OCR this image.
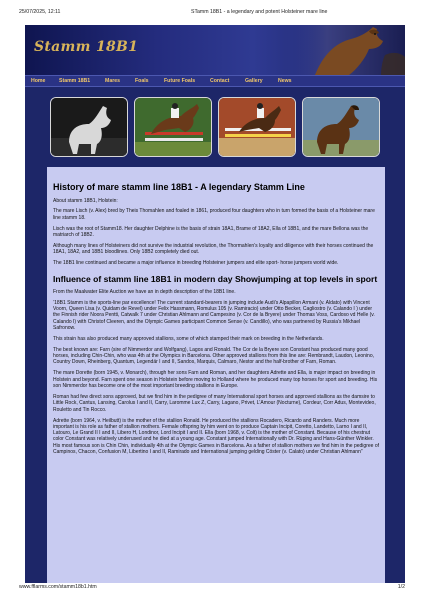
25/07/2025, 12:11	STamm 18B1 - a legendary and potent Holsteiner mare line
Stamm 18B1
Home	Stamm 18B1	Mares	Foals	Future Foals	Contact	Gallery	News
History of mare stamm line 18B1 - A legendary Stamm Line

About stamm 18B1, Holstein:

The mare Lisch (v. Alex) bred by Theis Thomahlen and foaled in 1861, produced four daughters who in turn formed the basis of a Holsteiner mare line stamm 18.

Lisch was the root of Stamm18. Her daughter Delphine is the basis of strain 18A1, Brame of 18A2, Ella of 18B1, and the mare Bellona was the matriarch of 18B2.

Although many lines of Holsteiners did not survive the industrial revolution, the Thormahlen’s loyalty and diligence with their horses continued the 18A1, 18A2, and 18B1 bloodlines. Only 18B2 completely died out.

The 18B1 line continued and became a major influence in breeding Holsteiner jumpers and elite sport- horse jumpers world wide.

Influence of stamm line 18B1 in modern day Showjumping at top levels in sport

From the Maalwater Elite Auction we have an in depth description of the 18B1 line.

‘18B1 Stamm is the sports-line par excellence! The current standard-bearers in jumping include Audi’s Alpapillon Armani (v. Aldato) with Vincent Voorn, Queen Lisa (v. Quidam de Revel) under Felix Hassmann, Romulus 105 (v. Ramiracio) under Otto Becker, Cagliostro (v. Calando I ) under the Finnish rider Noora Pentti, Catwalk 7 under Christian Ahlmann and Campesino (v. Cor de la Bryere) under Thomas Voss, Cardoso vd Helle (v. Calando I) with Christof Cleeren, and the Olympic Games participant Common Sense (v. Candillo), who was partnered by Russia’s Mikhael Safronow.

This strain has also produced many approved stallions, some of which stamped their mark on breeding in the Netherlands.

The best known are: Farn (sire of Nimmerdor and Wolfgang), Lagos and Ronald. The Cor de la Bryere son Constant has produced many good horses, including Chin-Chin, who was 4th at the Olympics in Barcelona. Other approved stallions from this line are: Rembrandt, Laudon, Leonino, Country Down, Rheinberg, Quantum, Legendär I and II, Sandos, Marquis, Calmaro, Nestor and the half-brother of Farn, Roman.

The mare Dorette (born 1945, v. Monarch), through her sons Farn and Roman, and her daughters Adrette and Ella, is major impact on breeding in Holstein and beyond. Farn spent one season in Holstein before moving to Holland where he produced many top horses for sport and breeding. His son Nimmerdor has become one of the most important breeding stallions in Europe.

Roman had few direct sons approved, but we find him in the pedigree of many International sport horses and approved stallions as the damsire to Little Rock, Cantus, Lansing, Carolus I and II, Carry, Laromme Lux Z, Carry, Lagano, Privet, L’Amour (Nocturne), Cordeur, Corr Adus, Montevideo, Rouletto and Tin Rocco.

Adrette (born 1964, v. Heilbutt) is the mother of the stallion Ronald. He produced the stallions Rocadero, Ricardo and Randers. Much more important is his role as father of stallion mothers. Female offspring by him went on to produce Captain Incipit, Coretto, Landetto, Larno I and II, Latouro, Le Grand II I and II, Libero H, Londinor, Lord Incipit I and II. Ella (born 1968, v. Colt) is the mother of Constant. Because of his chestnut color Constant was relatively underused and he died at a young age. Constant jumped Internationally with Dr. Rüping and Hans-Günther Winkler. His most famous son is Chin Chin, individually 4th at the Olympic Games in Barcelona. As a father of stallion mothers we find him in the pedigree of Campinos, Chacon, Confusion M, Libertino I and II, Ramirado and International jumping gelding Cöster (v. Calato) under Christian Ahlmann”

www.fflarms.com/stamm18b1.htm	1/2
